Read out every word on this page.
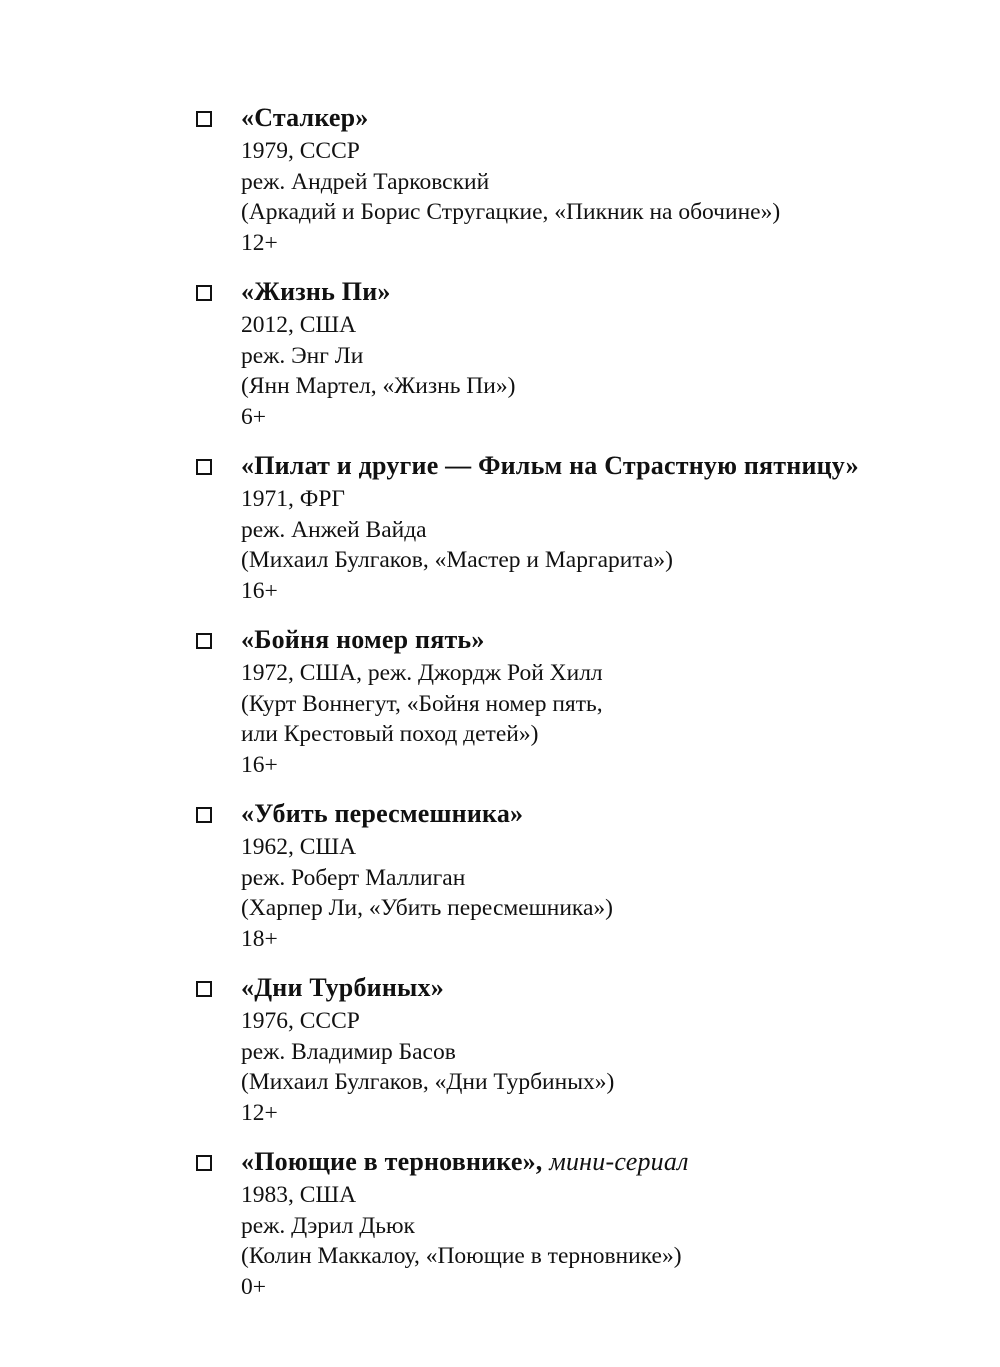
«Сталкер»
1979, СССР
реж. Андрей Тарковский
(Аркадий и Борис Стругацкие, «Пикник на обочине»)
12+
«Жизнь Пи»
2012, США
реж. Энг Ли
(Янн Мартел, «Жизнь Пи»)
6+
«Пилат и другие — Фильм на Страстную пятницу»
1971, ФРГ
реж. Анжей Вайда
(Михаил Булгаков, «Мастер и Маргарита»)
16+
«Бойня номер пять»
1972, США, реж. Джордж Рой Хилл
(Курт Воннегут, «Бойня номер пять,
или Крестовый поход детей»)
16+
«Убить пересмешника»
1962, США
реж. Роберт Маллиган
(Харпер Ли, «Убить пересмешника»)
18+
«Дни Турбиных»
1976, СССР
реж. Владимир Басов
(Михаил Булгаков, «Дни Турбиных»)
12+
«Поющие в терновнике», мини-сериал
1983, США
реж. Дэрил Дьюк
(Колин Маккалоу, «Поющие в терновнике»)
0+
